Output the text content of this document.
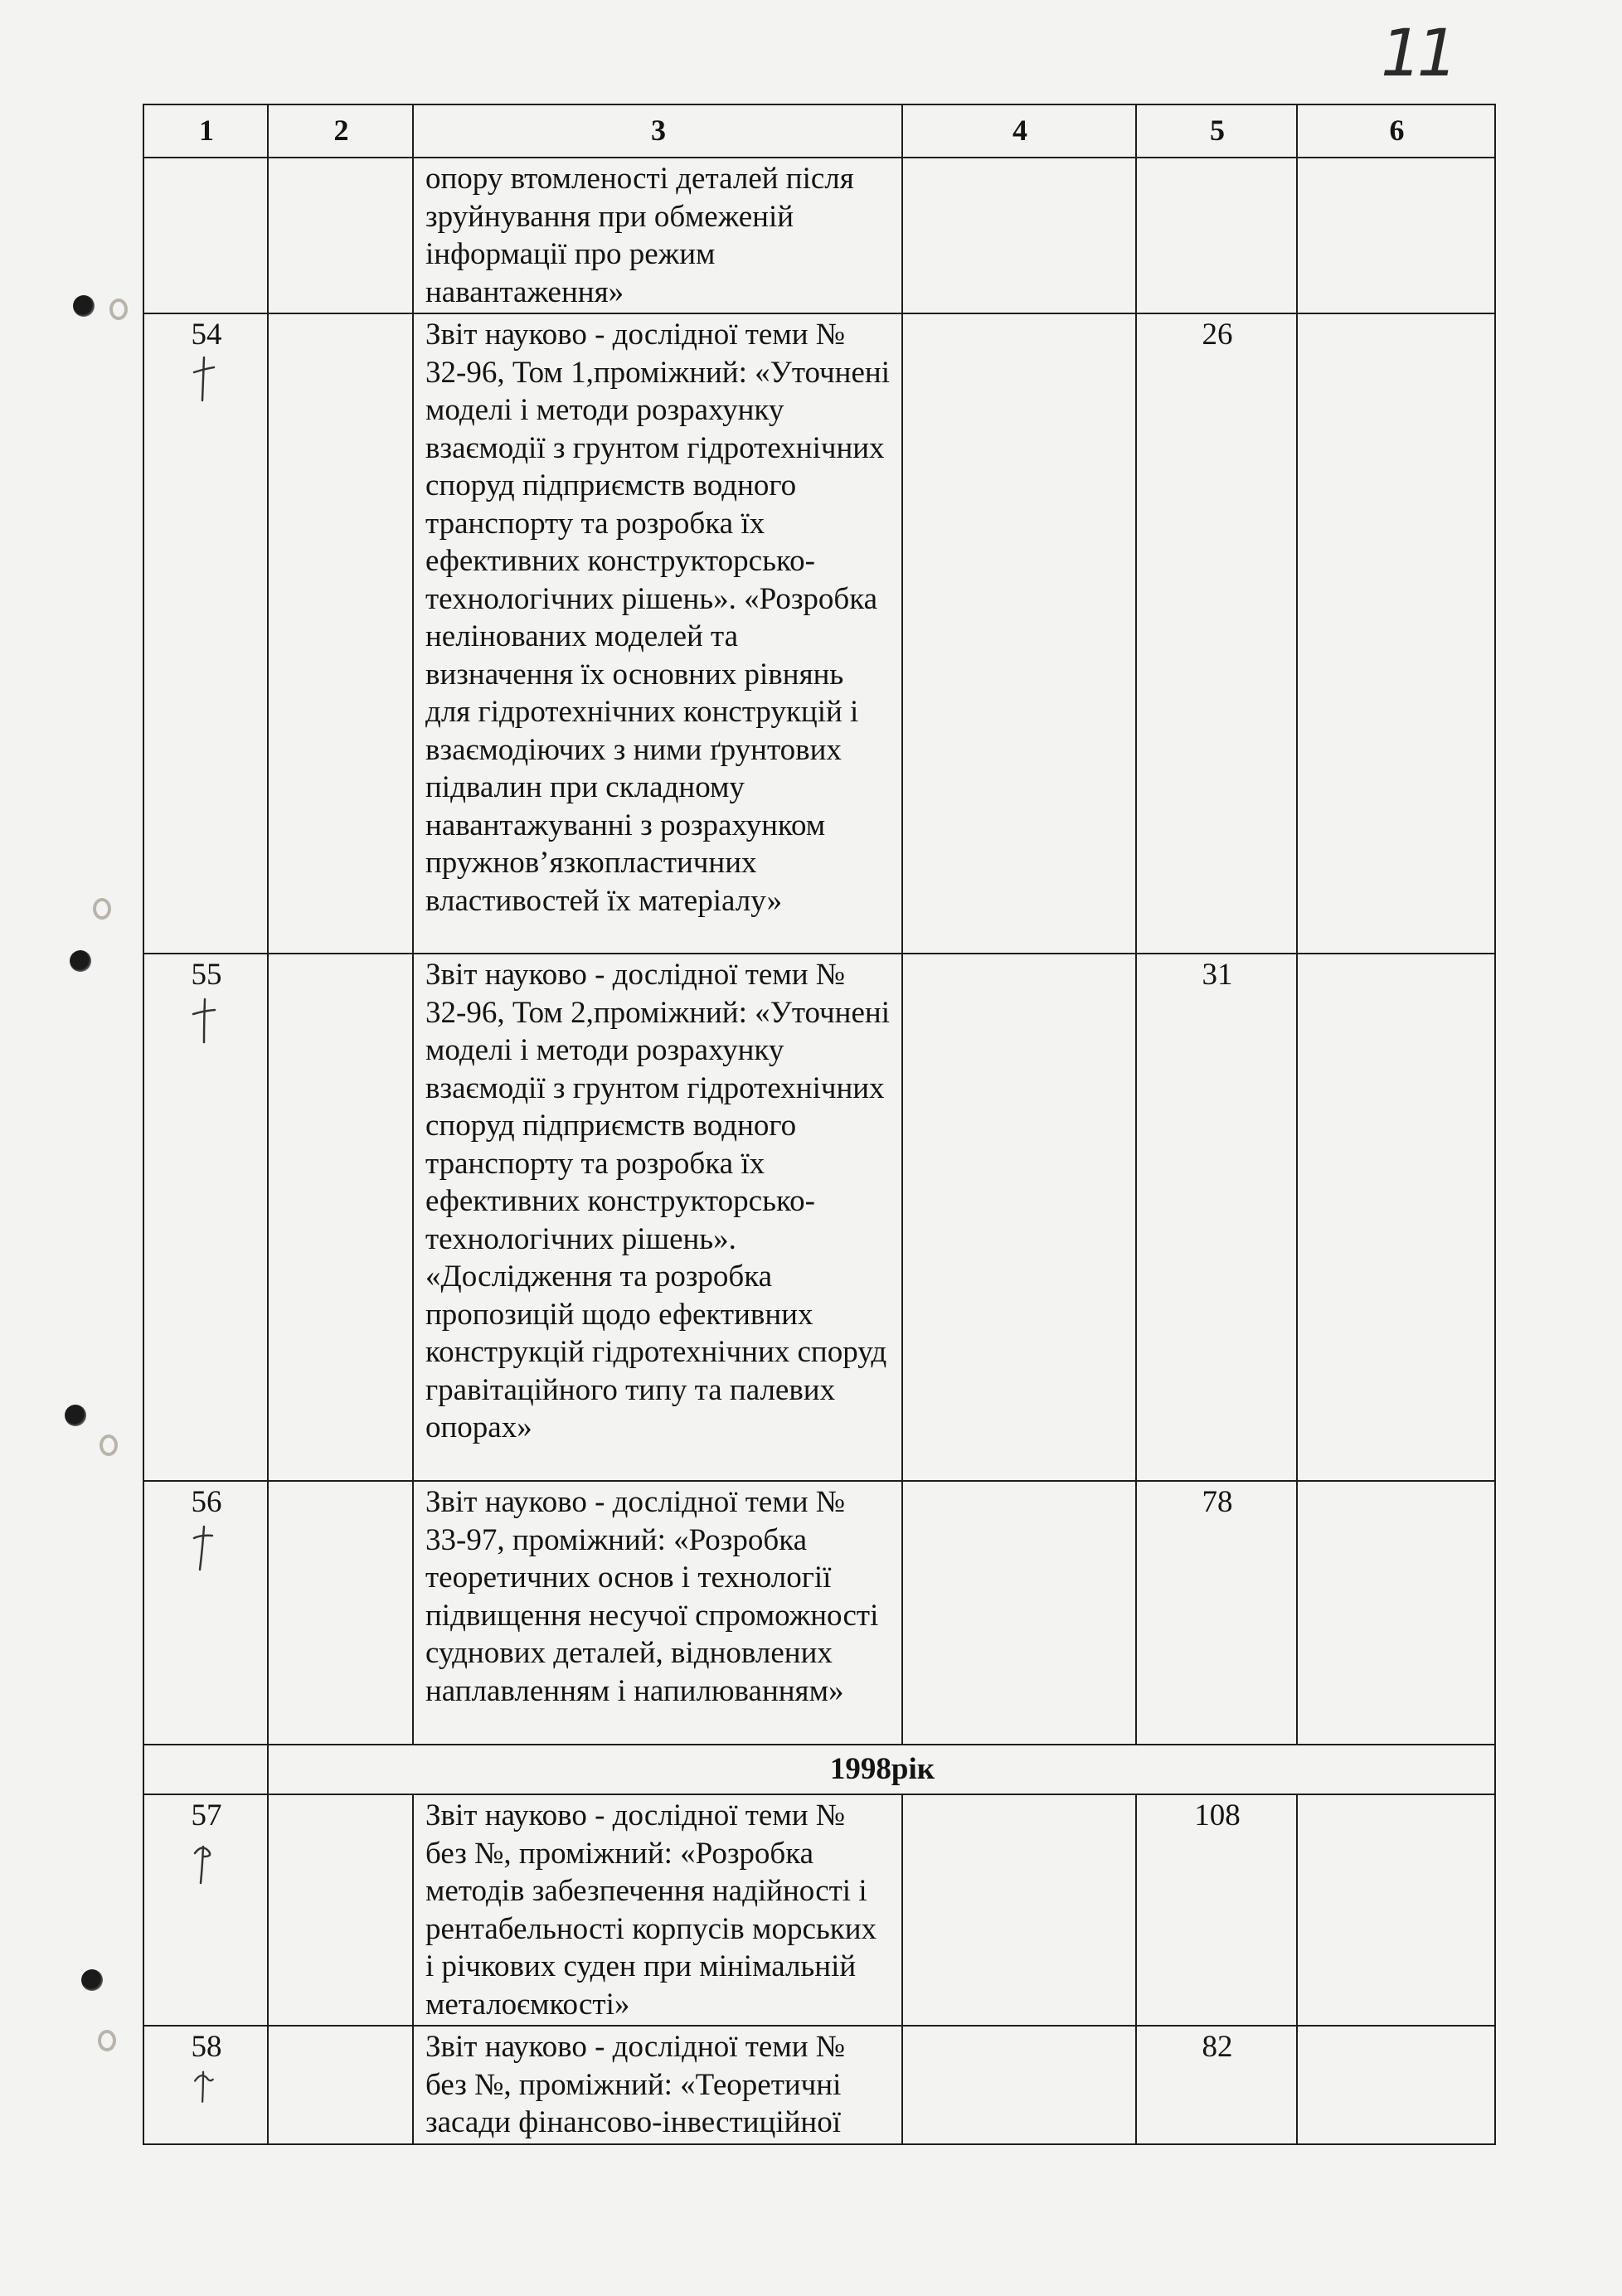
11
1	2	3	4	5	6
		опору втомленості деталей після зруйнування при обмеженій інформації про режим навантаження»			
54		Звіт науково - дослідної теми № 32-96, Том 1,проміжний: «Уточнені моделі і методи розрахунку взаємодії з грунтом гідротехнічних споруд підприємств водного транспорту та розробка їх ефективних конструкторсько-технологічних рішень». «Розробка нелінованих моделей та визначення їх основних рівнянь для гідротехнічних конструкцій і взаємодіючих з ними ґрунтових підвалин при складному навантажуванні з розрахунком пружнов’язкопластичних властивостей їх матеріалу»		26	
55		Звіт науково - дослідної теми № 32-96, Том 2,проміжний: «Уточнені моделі і методи розрахунку взаємодії з грунтом гідротехнічних споруд підприємств водного транспорту та розробка їх ефективних конструкторсько-технологічних рішень». «Дослідження та розробка пропозицій щодо ефективних конструкцій гідротехнічних споруд гравітаційного типу та палевих опорах»		31	
56		Звіт науково - дослідної теми № 33-97, проміжний: «Розробка теоретичних основ і технології підвищення несучої спроможності суднових деталей, відновлених наплавленням і напилюванням»		78	
	1998рік				
57		Звіт науково - дослідної теми № без №, проміжний: «Розробка методів забезпечення надійності і рентабельності корпусів морських і річкових суден при мінімальній металоємкості»		108	
58		Звіт науково - дослідної теми № без №, проміжний: «Теоретичні засади фінансово-інвестиційної		82	
